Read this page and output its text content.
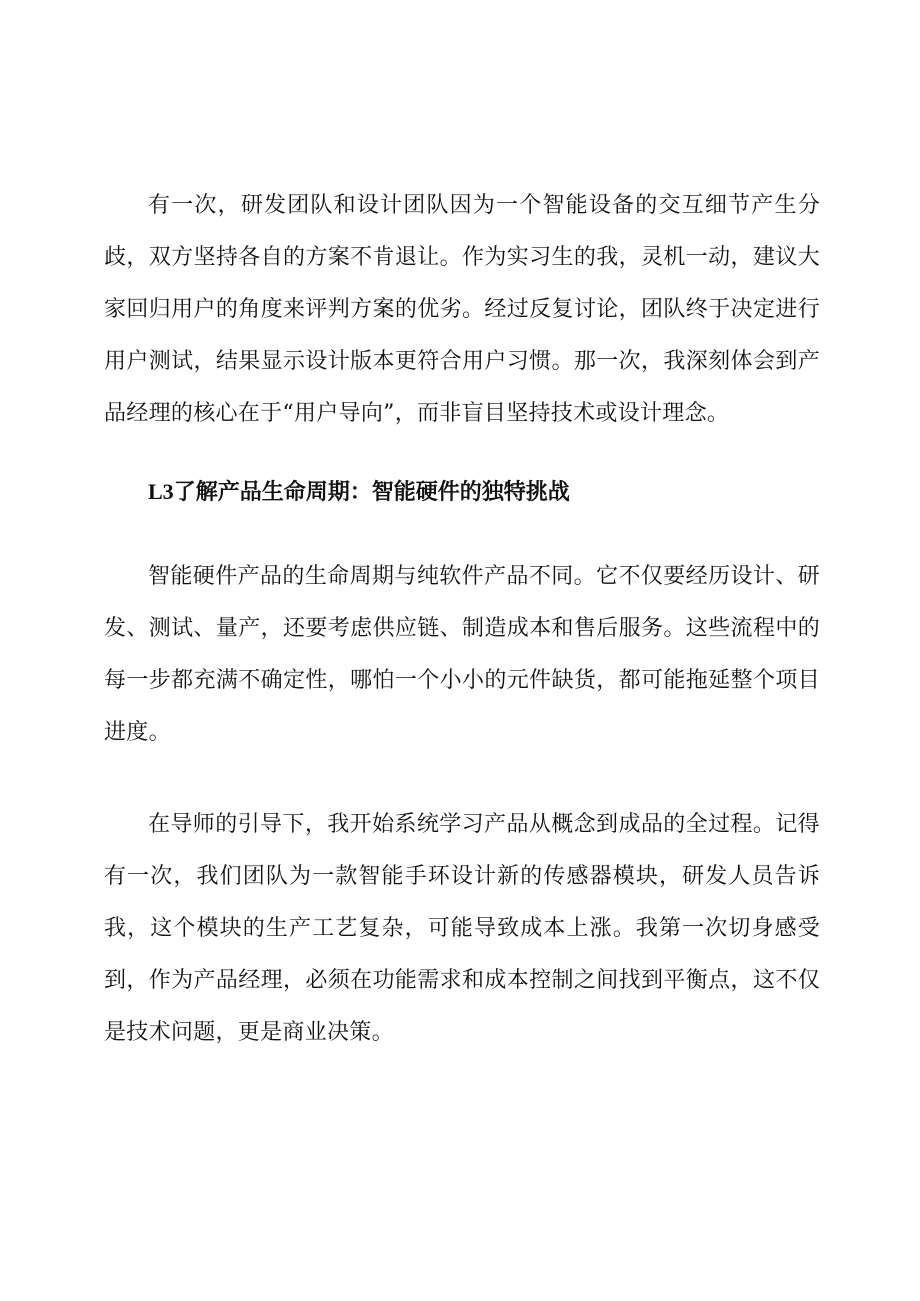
有一次，研发团队和设计团队因为一个智能设备的交互细节产生分歧，双方坚持各自的方案不肯退让。作为实习生的我，灵机一动，建议大家回归用户的角度来评判方案的优劣。经过反复讨论，团队终于决定进行用户测试，结果显示设计版本更符合用户习惯。那一次，我深刻体会到产品经理的核心在于“用户导向”，而非盲目坚持技术或设计理念。

L3了解产品生命周期：智能硬件的独特挑战

智能硬件产品的生命周期与纯软件产品不同。它不仅要经历设计、研发、测试、量产，还要考虑供应链、制造成本和售后服务。这些流程中的每一步都充满不确定性，哪怕一个小小的元件缺货，都可能拖延整个项目进度。

在导师的引导下，我开始系统学习产品从概念到成品的全过程。记得有一次，我们团队为一款智能手环设计新的传感器模块，研发人员告诉我，这个模块的生产工艺复杂，可能导致成本上涨。我第一次切身感受到，作为产品经理，必须在功能需求和成本控制之间找到平衡点，这不仅是技术问题，更是商业决策。
